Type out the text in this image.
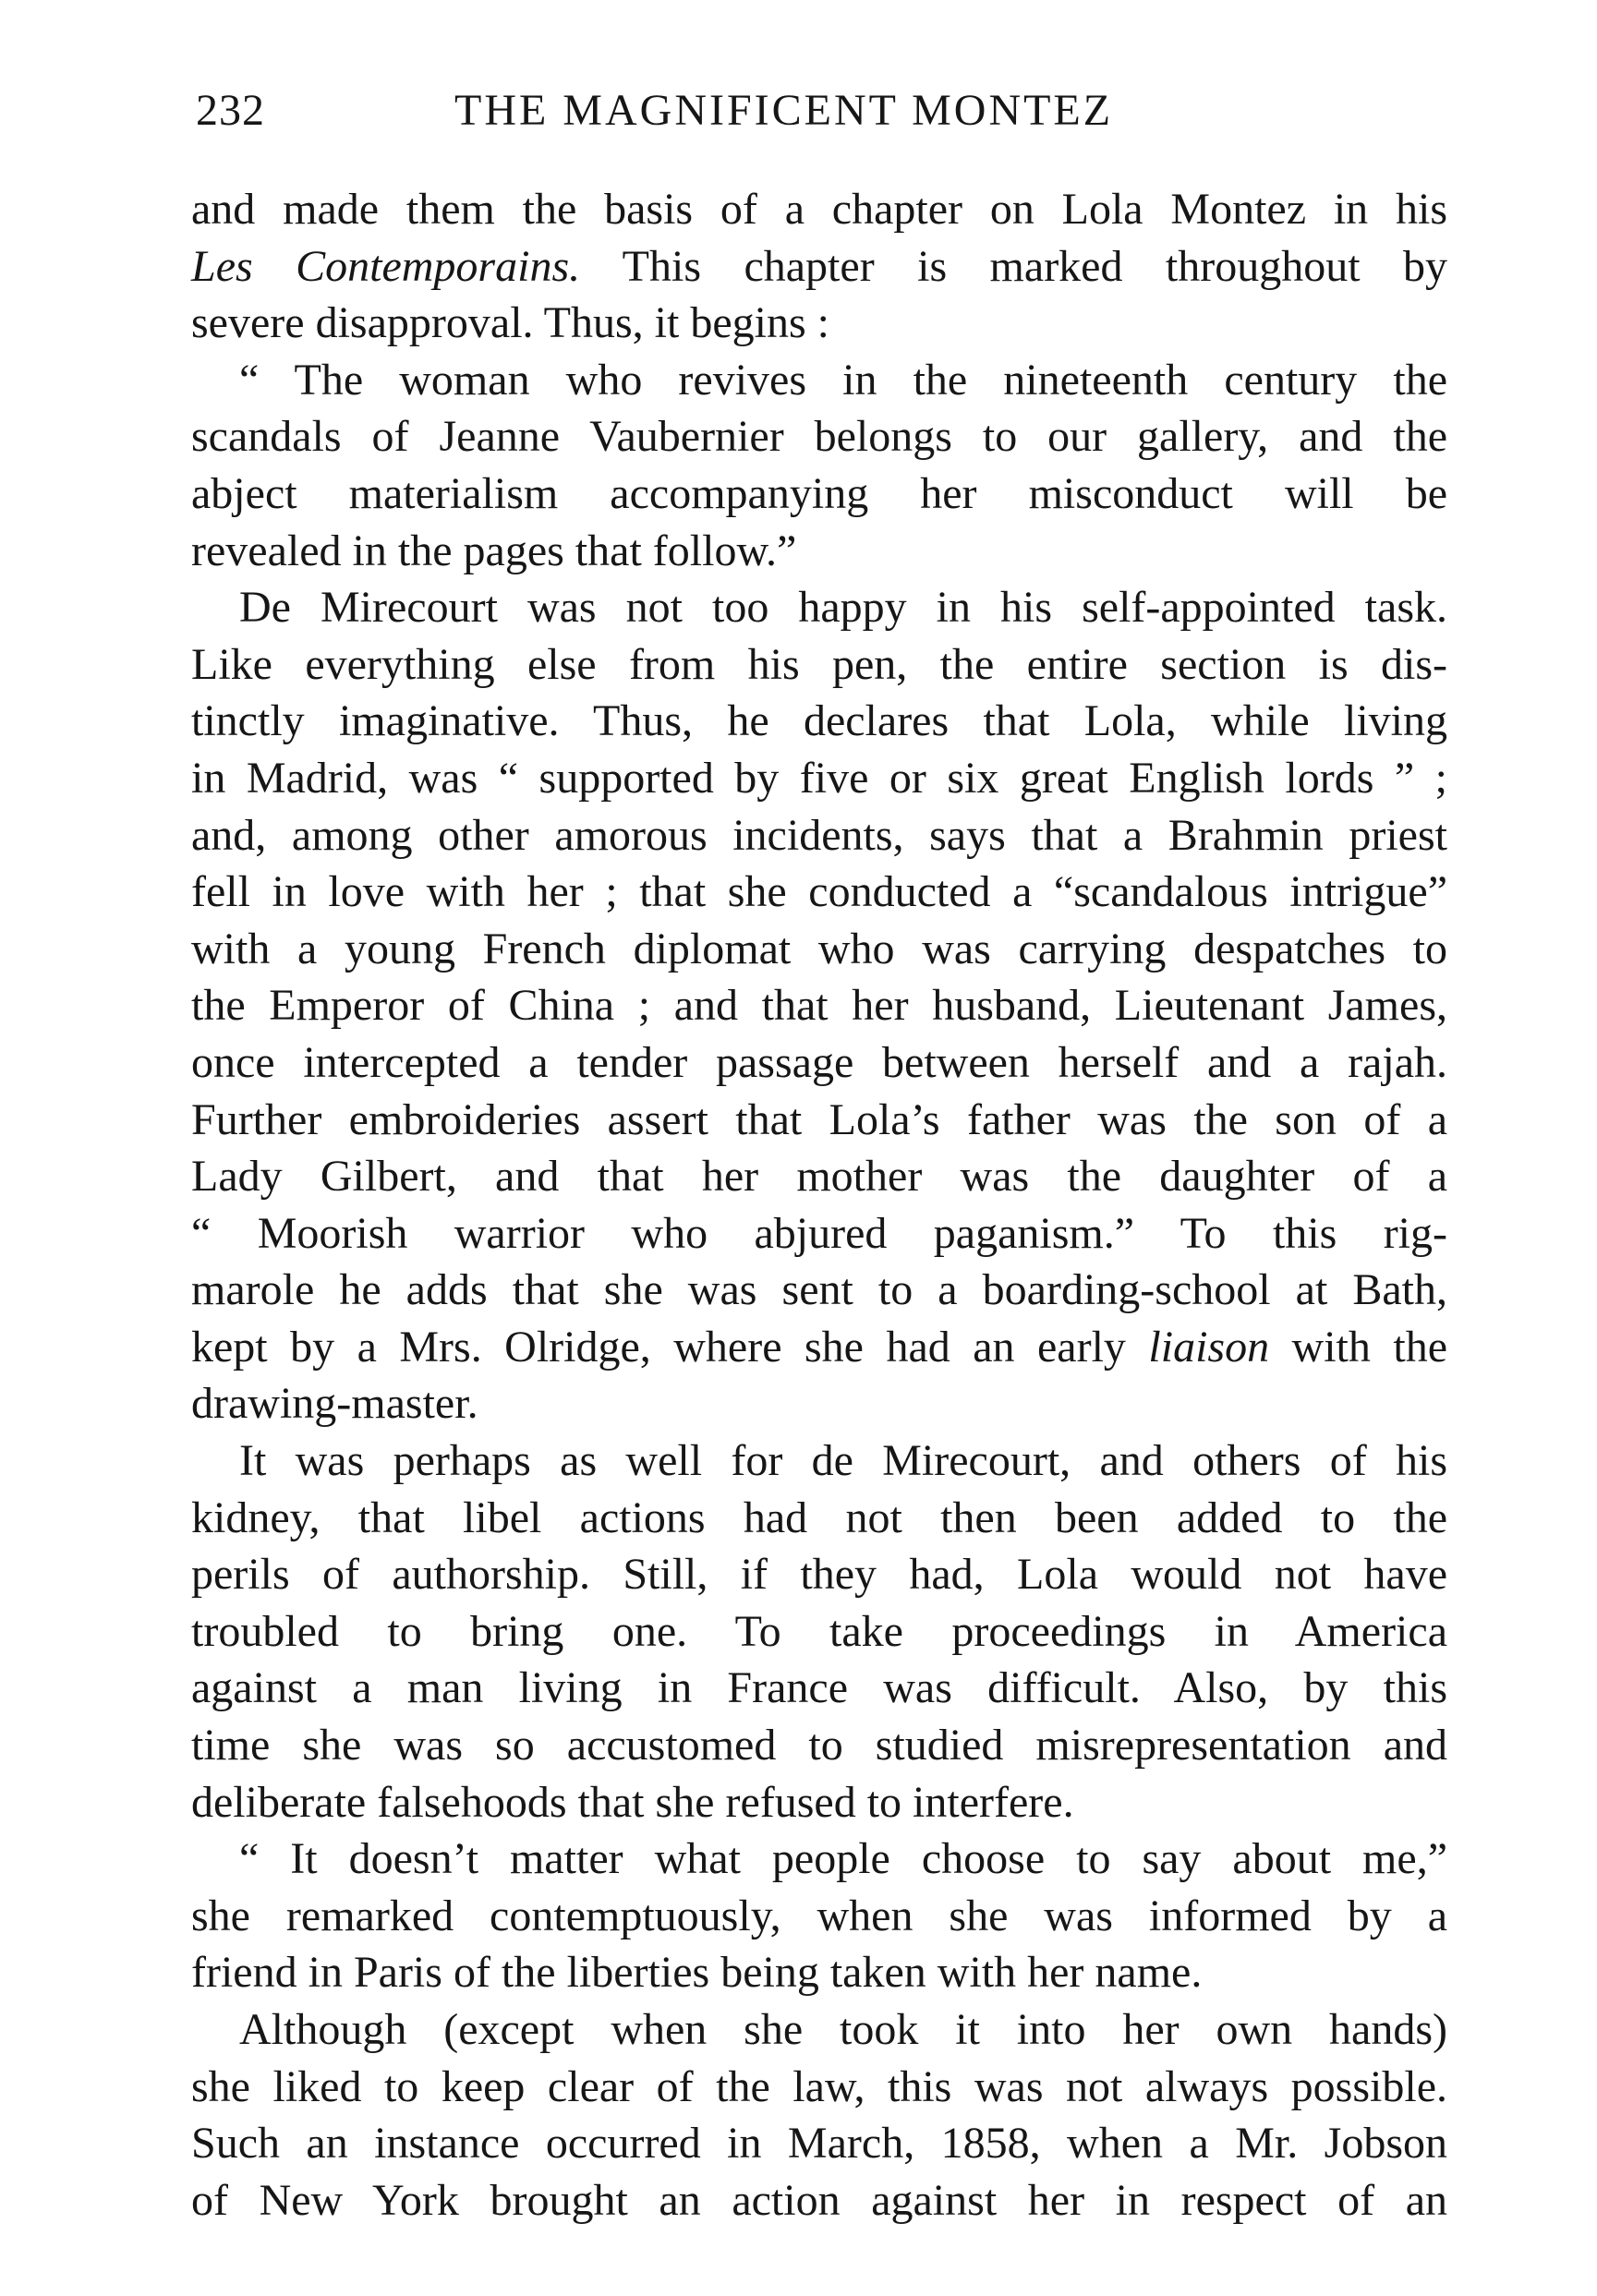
232	THE MAGNIFICENT MONTEZ
and made them the basis of a chapter on Lola Montez in his
Les Contemporains. This chapter is marked throughout by
severe disapproval. Thus, it begins :
“ The woman who revives in the nineteenth century the
scandals of Jeanne Vaubernier belongs to our gallery, and the
abject materialism accompanying her misconduct will be
revealed in the pages that follow.”
De Mirecourt was not too happy in his self-appointed task.
Like everything else from his pen, the entire section is dis-
tinctly imaginative. Thus, he declares that Lola, while living
in Madrid, was “ supported by five or six great English lords ” ;
and, among other amorous incidents, says that a Brahmin priest
fell in love with her ; that she conducted a “scandalous intrigue”
with a young French diplomat who was carrying despatches to
the Emperor of China ; and that her husband, Lieutenant James,
once intercepted a tender passage between herself and a rajah.
Further embroideries assert that Lola’s father was the son of a
Lady Gilbert, and that her mother was the daughter of a
“ Moorish warrior who abjured paganism.” To this rig-
marole he adds that she was sent to a boarding-school at Bath,
kept by a Mrs. Olridge, where she had an early liaison with the
drawing-master.
It was perhaps as well for de Mirecourt, and others of his
kidney, that libel actions had not then been added to the
perils of authorship. Still, if they had, Lola would not have
troubled to bring one. To take proceedings in America
against a man living in France was difficult. Also, by this
time she was so accustomed to studied misrepresentation and
deliberate falsehoods that she refused to interfere.
“ It doesn’t matter what people choose to say about me,”
she remarked contemptuously, when she was informed by a
friend in Paris of the liberties being taken with her name.
Although (except when she took it into her own hands)
she liked to keep clear of the law, this was not always possible.
Such an instance occurred in March, 1858, when a Mr. Jobson
of New York brought an action against her in respect of an
